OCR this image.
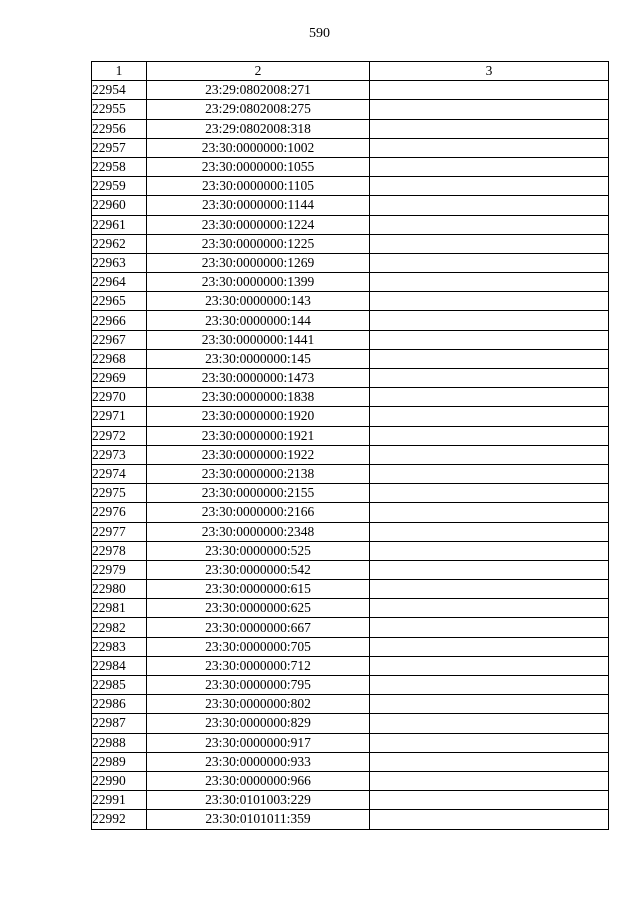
590
1	2	3
22954	23:29:0802008:271	
22955	23:29:0802008:275	
22956	23:29:0802008:318	
22957	23:30:0000000:1002	
22958	23:30:0000000:1055	
22959	23:30:0000000:1105	
22960	23:30:0000000:1144	
22961	23:30:0000000:1224	
22962	23:30:0000000:1225	
22963	23:30:0000000:1269	
22964	23:30:0000000:1399	
22965	23:30:0000000:143	
22966	23:30:0000000:144	
22967	23:30:0000000:1441	
22968	23:30:0000000:145	
22969	23:30:0000000:1473	
22970	23:30:0000000:1838	
22971	23:30:0000000:1920	
22972	23:30:0000000:1921	
22973	23:30:0000000:1922	
22974	23:30:0000000:2138	
22975	23:30:0000000:2155	
22976	23:30:0000000:2166	
22977	23:30:0000000:2348	
22978	23:30:0000000:525	
22979	23:30:0000000:542	
22980	23:30:0000000:615	
22981	23:30:0000000:625	
22982	23:30:0000000:667	
22983	23:30:0000000:705	
22984	23:30:0000000:712	
22985	23:30:0000000:795	
22986	23:30:0000000:802	
22987	23:30:0000000:829	
22988	23:30:0000000:917	
22989	23:30:0000000:933	
22990	23:30:0000000:966	
22991	23:30:0101003:229	
22992	23:30:0101011:359	
